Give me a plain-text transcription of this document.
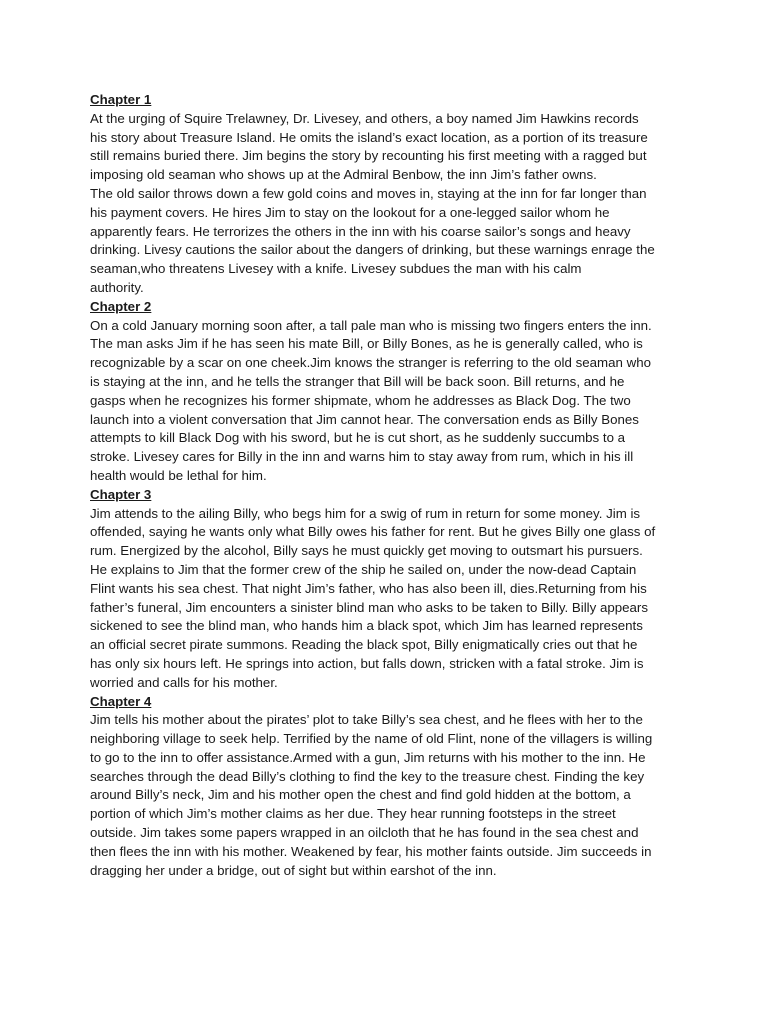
Chapter 1
At the urging of Squire Trelawney, Dr. Livesey, and others, a boy named Jim Hawkins records
his story about Treasure Island. He omits the island’s exact location, as a portion of its treasure
still remains buried there. Jim begins the story by recounting his first meeting with a ragged but
imposing old seaman who shows up at the Admiral Benbow, the inn Jim’s father owns.
The old sailor throws down a few gold coins and moves in, staying at the inn for far longer than
his payment covers. He hires Jim to stay on the lookout for a one-legged sailor whom he
apparently fears. He terrorizes the others in the inn with his coarse sailor’s songs and heavy
drinking. Livesy cautions the sailor about the dangers of drinking, but these warnings enrage the
seaman,who threatens Livesey with a knife. Livesey subdues the man with his calm
authority.
Chapter 2
On a cold January morning soon after, a tall pale man who is missing two fingers enters the inn.
The man asks Jim if he has seen his mate Bill, or Billy Bones, as he is generally called, who is
recognizable by a scar on one cheek.Jim knows the stranger is referring to the old seaman who
is staying at the inn, and he tells the stranger that Bill will be back soon. Bill returns, and he
gasps when he recognizes his former shipmate, whom he addresses as Black Dog. The two
launch into a violent conversation that Jim cannot hear. The conversation ends as Billy Bones
attempts to kill Black Dog with his sword, but he is cut short, as he suddenly succumbs to a
stroke. Livesey cares for Billy in the inn and warns him to stay away from rum, which in his ill
health would be lethal for him.
Chapter 3
Jim attends to the ailing Billy, who begs him for a swig of rum in return for some money. Jim is
offended, saying he wants only what Billy owes his father for rent. But he gives Billy one glass of
rum. Energized by the alcohol, Billy says he must quickly get moving to outsmart his pursuers.
He explains to Jim that the former crew of the ship he sailed on, under the now-dead Captain
Flint wants his sea chest. That night Jim’s father, who has also been ill, dies.Returning from his
father’s funeral, Jim encounters a sinister blind man who asks to be taken to Billy. Billy appears
sickened to see the blind man, who hands him a black spot, which Jim has learned represents
an official secret pirate summons. Reading the black spot, Billy enigmatically cries out that he
has only six hours left. He springs into action, but falls down, stricken with a fatal stroke. Jim is
worried and calls for his mother.
Chapter 4
Jim tells his mother about the pirates’ plot to take Billy’s sea chest, and he flees with her to the
neighboring village to seek help. Terrified by the name of old Flint, none of the villagers is willing
to go to the inn to offer assistance.Armed with a gun, Jim returns with his mother to the inn. He
searches through the dead Billy’s clothing to find the key to the treasure chest. Finding the key
around Billy’s neck, Jim and his mother open the chest and find gold hidden at the bottom, a
portion of which Jim’s mother claims as her due. They hear running footsteps in the street
outside. Jim takes some papers wrapped in an oilcloth that he has found in the sea chest and
then flees the inn with his mother. Weakened by fear, his mother faints outside. Jim succeeds in
dragging her under a bridge, out of sight but within earshot of the inn.
